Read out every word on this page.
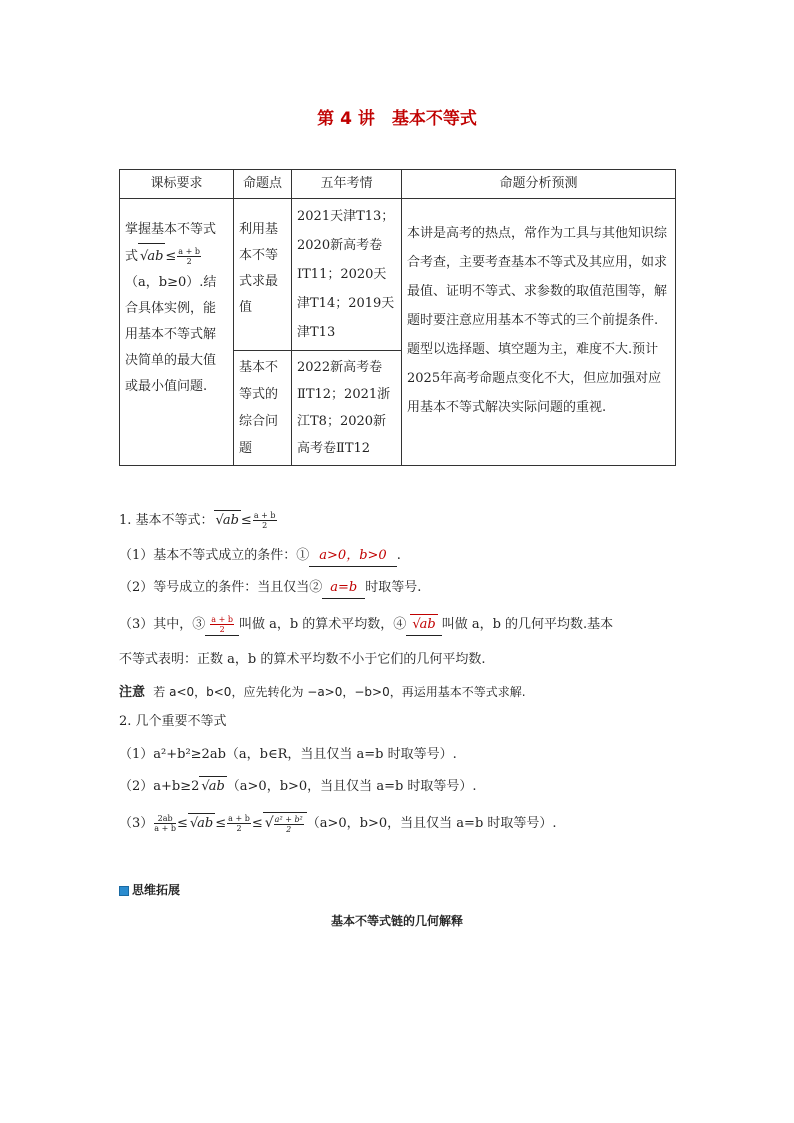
第 4 讲　基本不等式
课标要求	命题点	五年考情	命题分析预测
掌握基本不等式
式 $√ab \le \frac{a + b}{2}$

（a，b≥0）.结合具体实例，能用基本不等式解决简单的最大值或最小值问题.	利用基本不等式求最值	2021天津T13；2020新高考卷ⅠT11；2020天津T14；2019天津T13	本讲是高考的热点，常作为工具与其他知识综合考查，主要考查基本不等式及其应用，如求最值、证明不等式、求参数的取值范围等，解题时要注意应用基本不等式的三个前提条件.题型以选择题、填空题为主，难度不大.预计2025年高考命题点变化不大，但应加强对应用基本不等式解决实际问题的重视.
	基本不等式的综合问题	2022新高考卷ⅡT12；2021浙江T8；2020新高考卷ⅡT12	
1. 基本不等式： $√ab \le \frac{a + b}{2}$
（1）基本不等式成立的条件：① a>0，b>0 .
（2）等号成立的条件：当且仅当② a=b 时取等号.
（3）其中，③ $\frac{a + b}{2}$ 叫做 a，b 的算术平均数，④ √ab 叫做 a，b 的几何平均数.基本
不等式表明：正数 a，b 的算术平均数不小于它们的几何平均数.
注意 若 a<0，b<0，应先转化为 −a>0，−b>0，再运用基本不等式求解.
2. 几个重要不等式
（1）a²+b²≥2ab（a，b∈R，当且仅当 a=b 时取等号）.
（2）a+b≥2 √ab （a>0，b>0，当且仅当 a=b 时取等号）.
$(3) \frac{2ab}{a + b} \le √ab \le \frac{a + b}{2}$ ≤ √ $\frac{\text{a² + b²}}{2} (a>0$，b>0，当且仅当 a=b 时取等号）.
思维拓展
基本不等式链的几何解释
